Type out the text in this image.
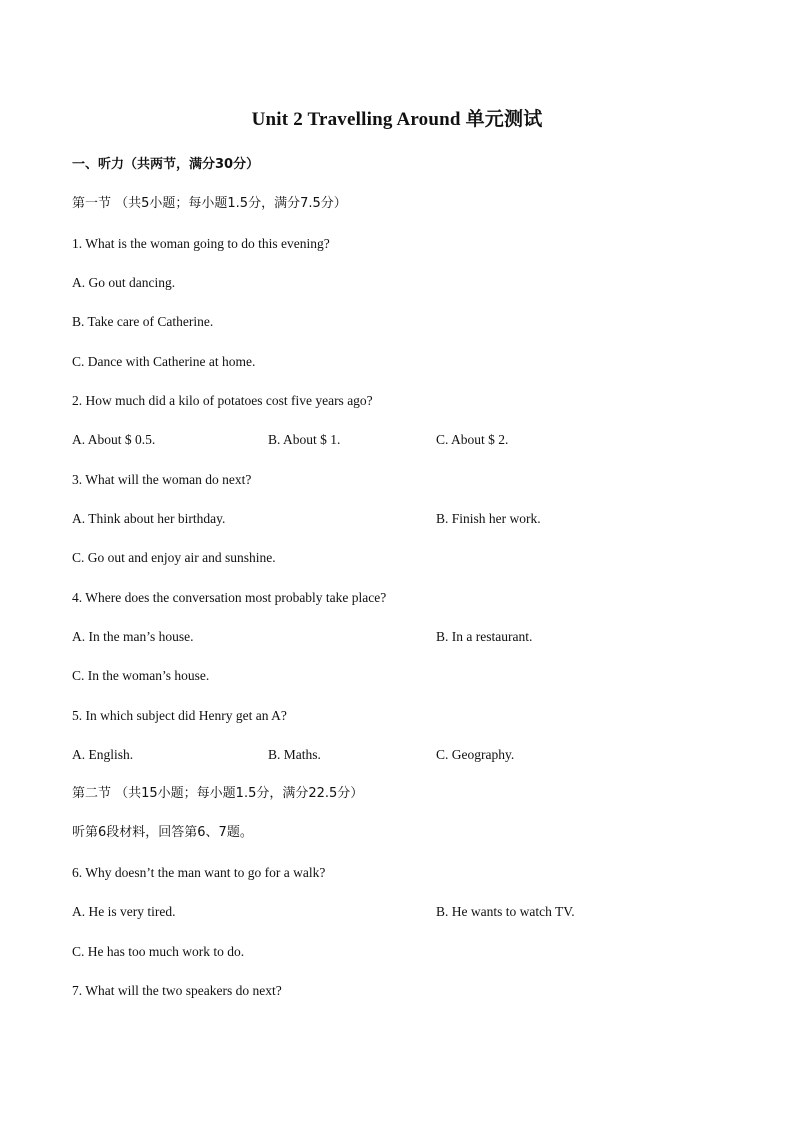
Unit 2 Travelling Around 单元测试
一、听力（共两节，满分30分）
第一节 （共5小题；每小题1.5分，满分7.5分）
1. What is the woman going to do this evening?
A. Go out dancing.
B. Take care of Catherine.
C. Dance with Catherine at home.
2. How much did a kilo of potatoes cost five years ago?
A. About $ 0.5.	B. About $ 1.	C. About $ 2.
3. What will the woman do next?
A. Think about her birthday.	B. Finish her work.
C. Go out and enjoy air and sunshine.
4. Where does the conversation most probably take place?
A. In the man’s house.	B. In a restaurant.
C. In the woman’s house.
5. In which subject did Henry get an A?
A. English.	B. Maths.	C. Geography.
第二节 （共15小题；每小题1.5分，满分22.5分）
听第6段材料，回答第6、7题。
6. Why doesn’t the man want to go for a walk?
A. He is very tired.	B. He wants to watch TV.
C. He has too much work to do.
7. What will the two speakers do next?
